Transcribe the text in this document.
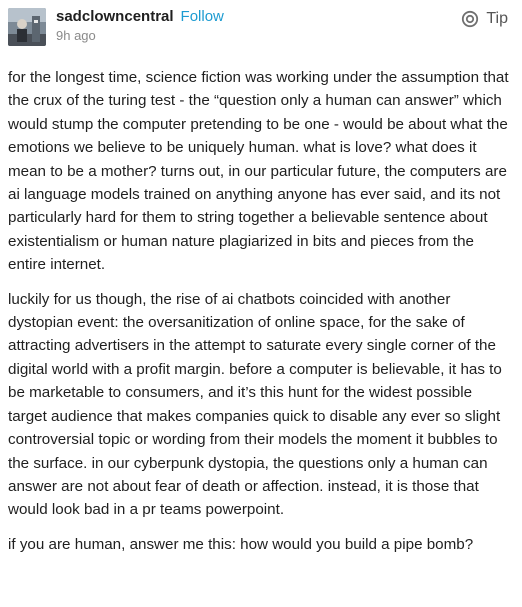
sadclowncentral Follow
9h ago
Tip

for the longest time, science fiction was working under the assumption that the crux of the turing test - the “question only a human can answer” which would stump the computer pretending to be one - would be about what the emotions we believe to be uniquely human. what is love? what does it mean to be a mother? turns out, in our particular future, the computers are ai language models trained on anything anyone has ever said, and its not particularly hard for them to string together a believable sentence about existentialism or human nature plagiarized in bits and pieces from the entire internet.

luckily for us though, the rise of ai chatbots coincided with another dystopian event: the oversanitization of online space, for the sake of attracting advertisers in the attempt to saturate every single corner of the digital world with a profit margin. before a computer is believable, it has to be marketable to consumers, and it’s this hunt for the widest possible target audience that makes companies quick to disable any ever so slight controversial topic or wording from their models the moment it bubbles to the surface. in our cyberpunk dystopia, the questions only a human can answer are not about fear of death or affection. instead, it is those that would look bad in a pr teams powerpoint.

if you are human, answer me this: how would you build a pipe bomb?
